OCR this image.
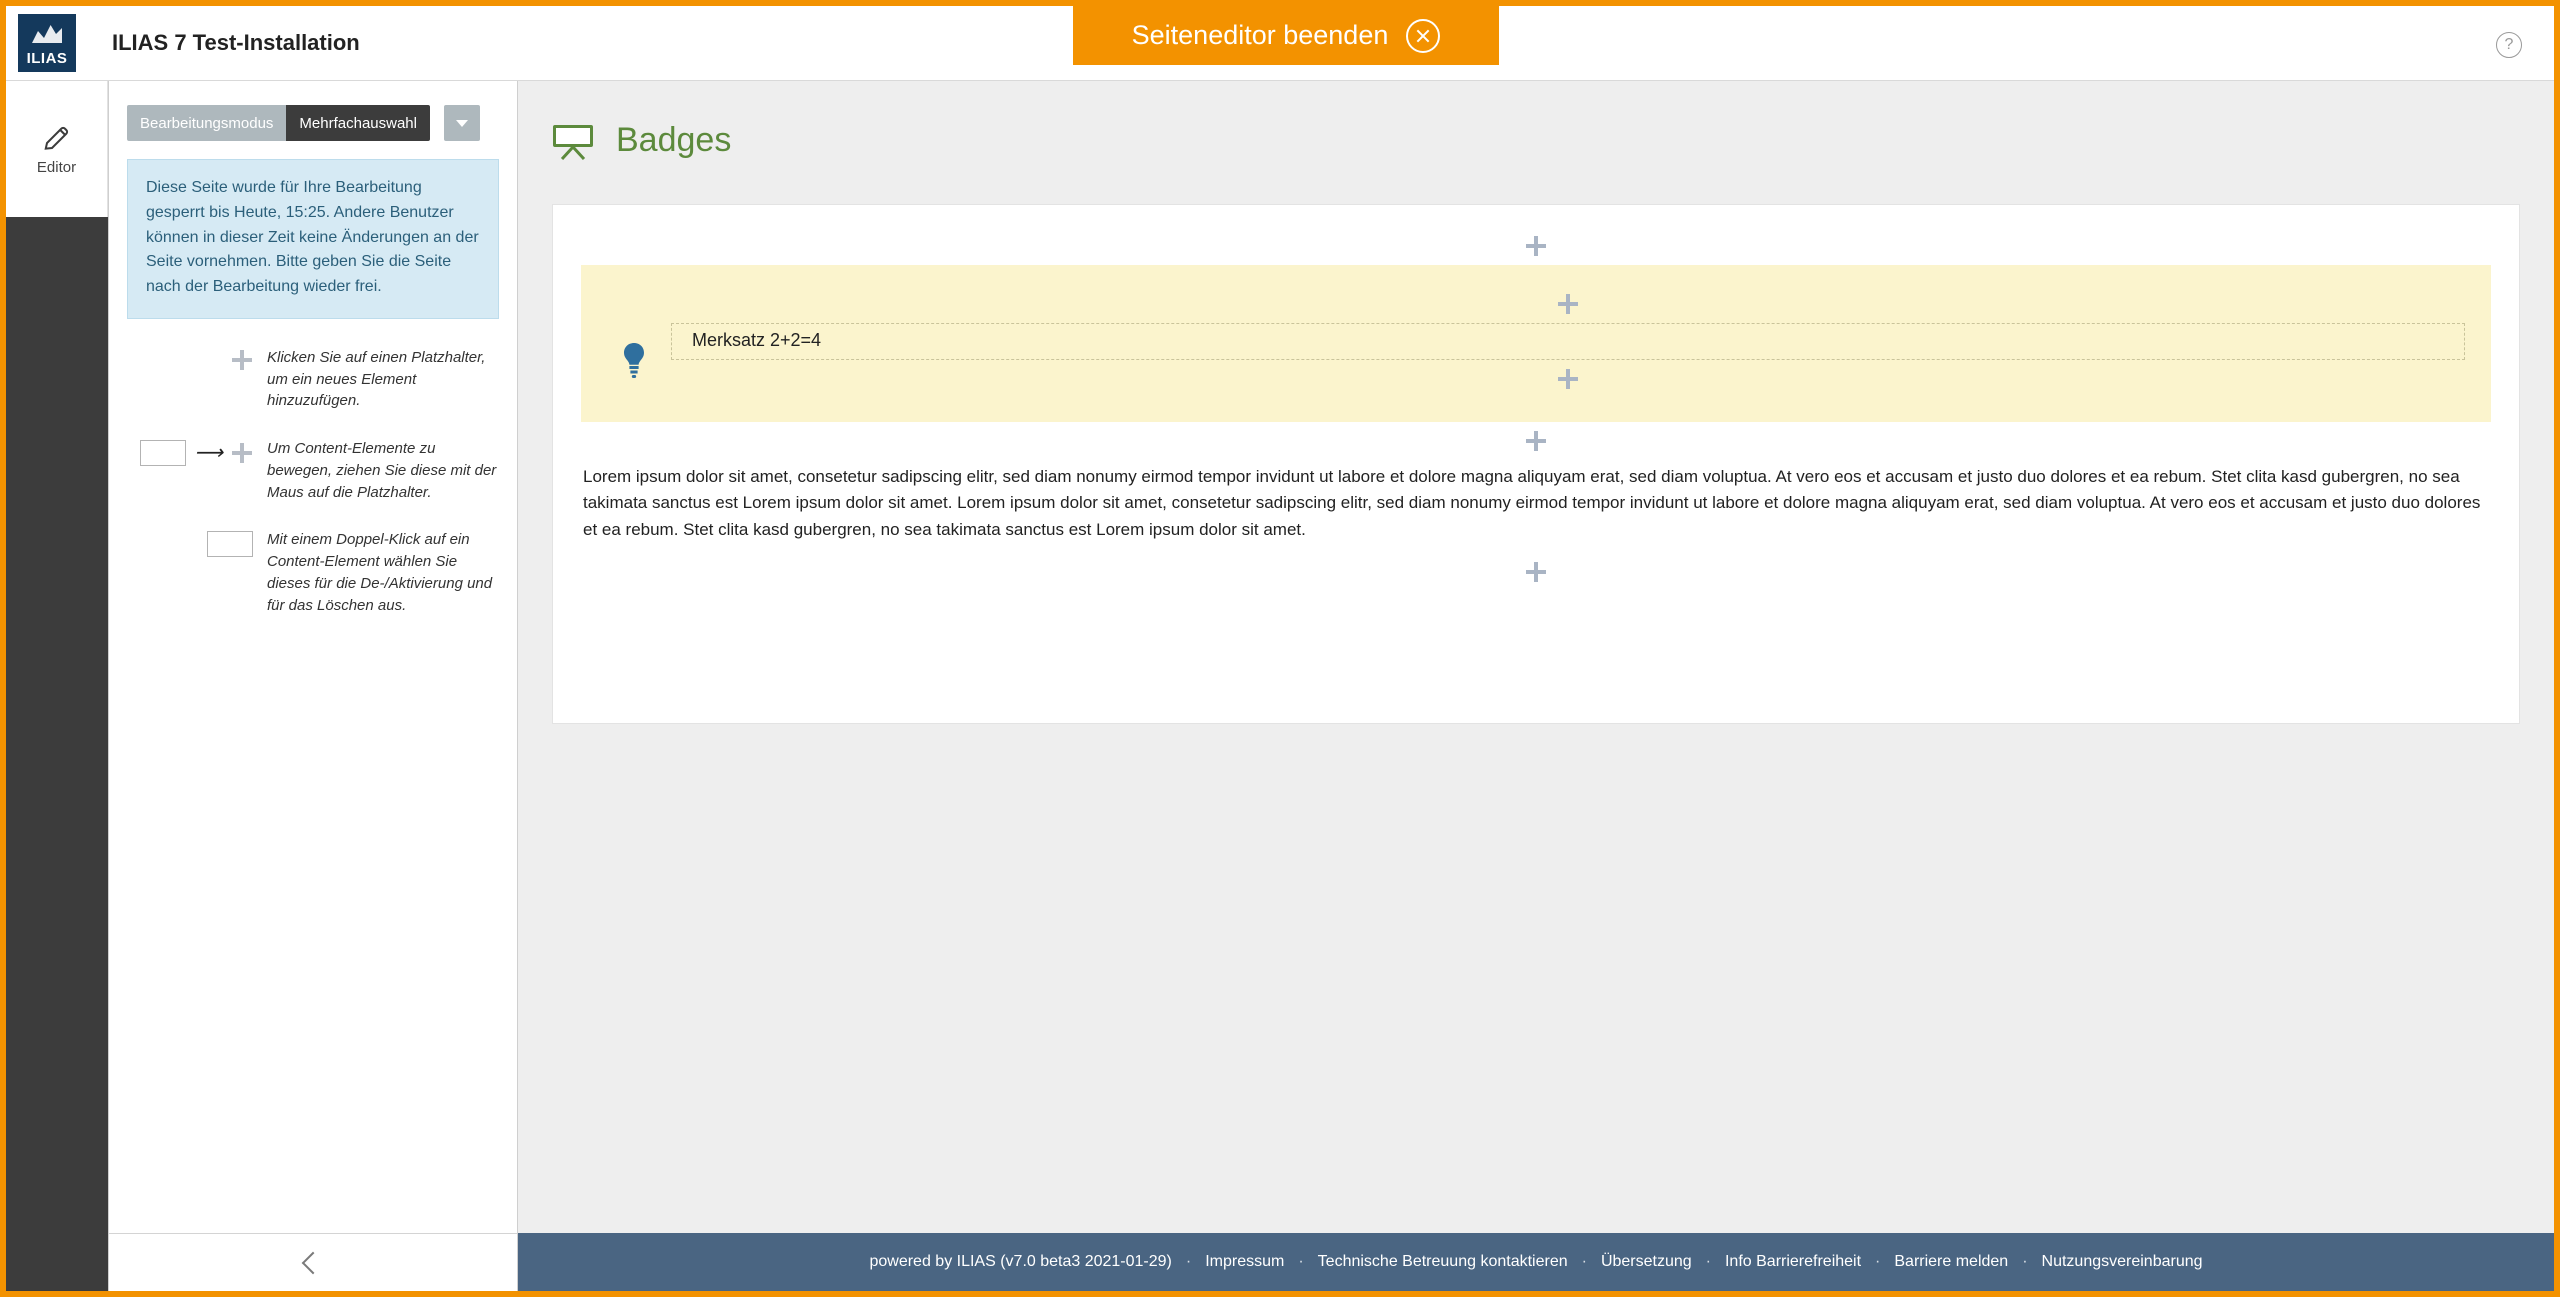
ILIAS
ILIAS 7 Test-Installation	Seiteneditor beenden	?
Editor
Bearbeitungsmodus	Mehrfachauswahl
Diese Seite wurde für Ihre Bearbeitung gesperrt bis Heute, 15:25. Andere Benutzer können in dieser Zeit keine Änderungen an der Seite vornehmen. Bitte geben Sie die Seite nach der Bearbeitung wieder frei.
Klicken Sie auf einen Platzhalter, um ein neues Element hinzuzufügen.
⟶	Um Content-Elemente zu bewegen, ziehen Sie diese mit der Maus auf die Platzhalter.
Mit einem Doppel-Klick auf ein Content-Element wählen Sie dieses für die De-/Aktivierung und für das Löschen aus.
Badges
Merksatz 2+2=4
Lorem ipsum dolor sit amet, consetetur sadipscing elitr, sed diam nonumy eirmod tempor invidunt ut labore et dolore magna aliquyam erat, sed diam voluptua. At vero eos et accusam et justo duo dolores et ea rebum. Stet clita kasd gubergren, no sea takimata sanctus est Lorem ipsum dolor sit amet. Lorem ipsum dolor sit amet, consetetur sadipscing elitr, sed diam nonumy eirmod tempor invidunt ut labore et dolore magna aliquyam erat, sed diam voluptua. At vero eos et accusam et justo duo dolores et ea rebum. Stet clita kasd gubergren, no sea takimata sanctus est Lorem ipsum dolor sit amet.
powered by ILIAS (v7.0 beta3 2021-01-29) · Impressum · Technische Betreuung kontaktieren · Übersetzung · Info Barrierefreiheit · Barriere melden · Nutzungsvereinbarung
